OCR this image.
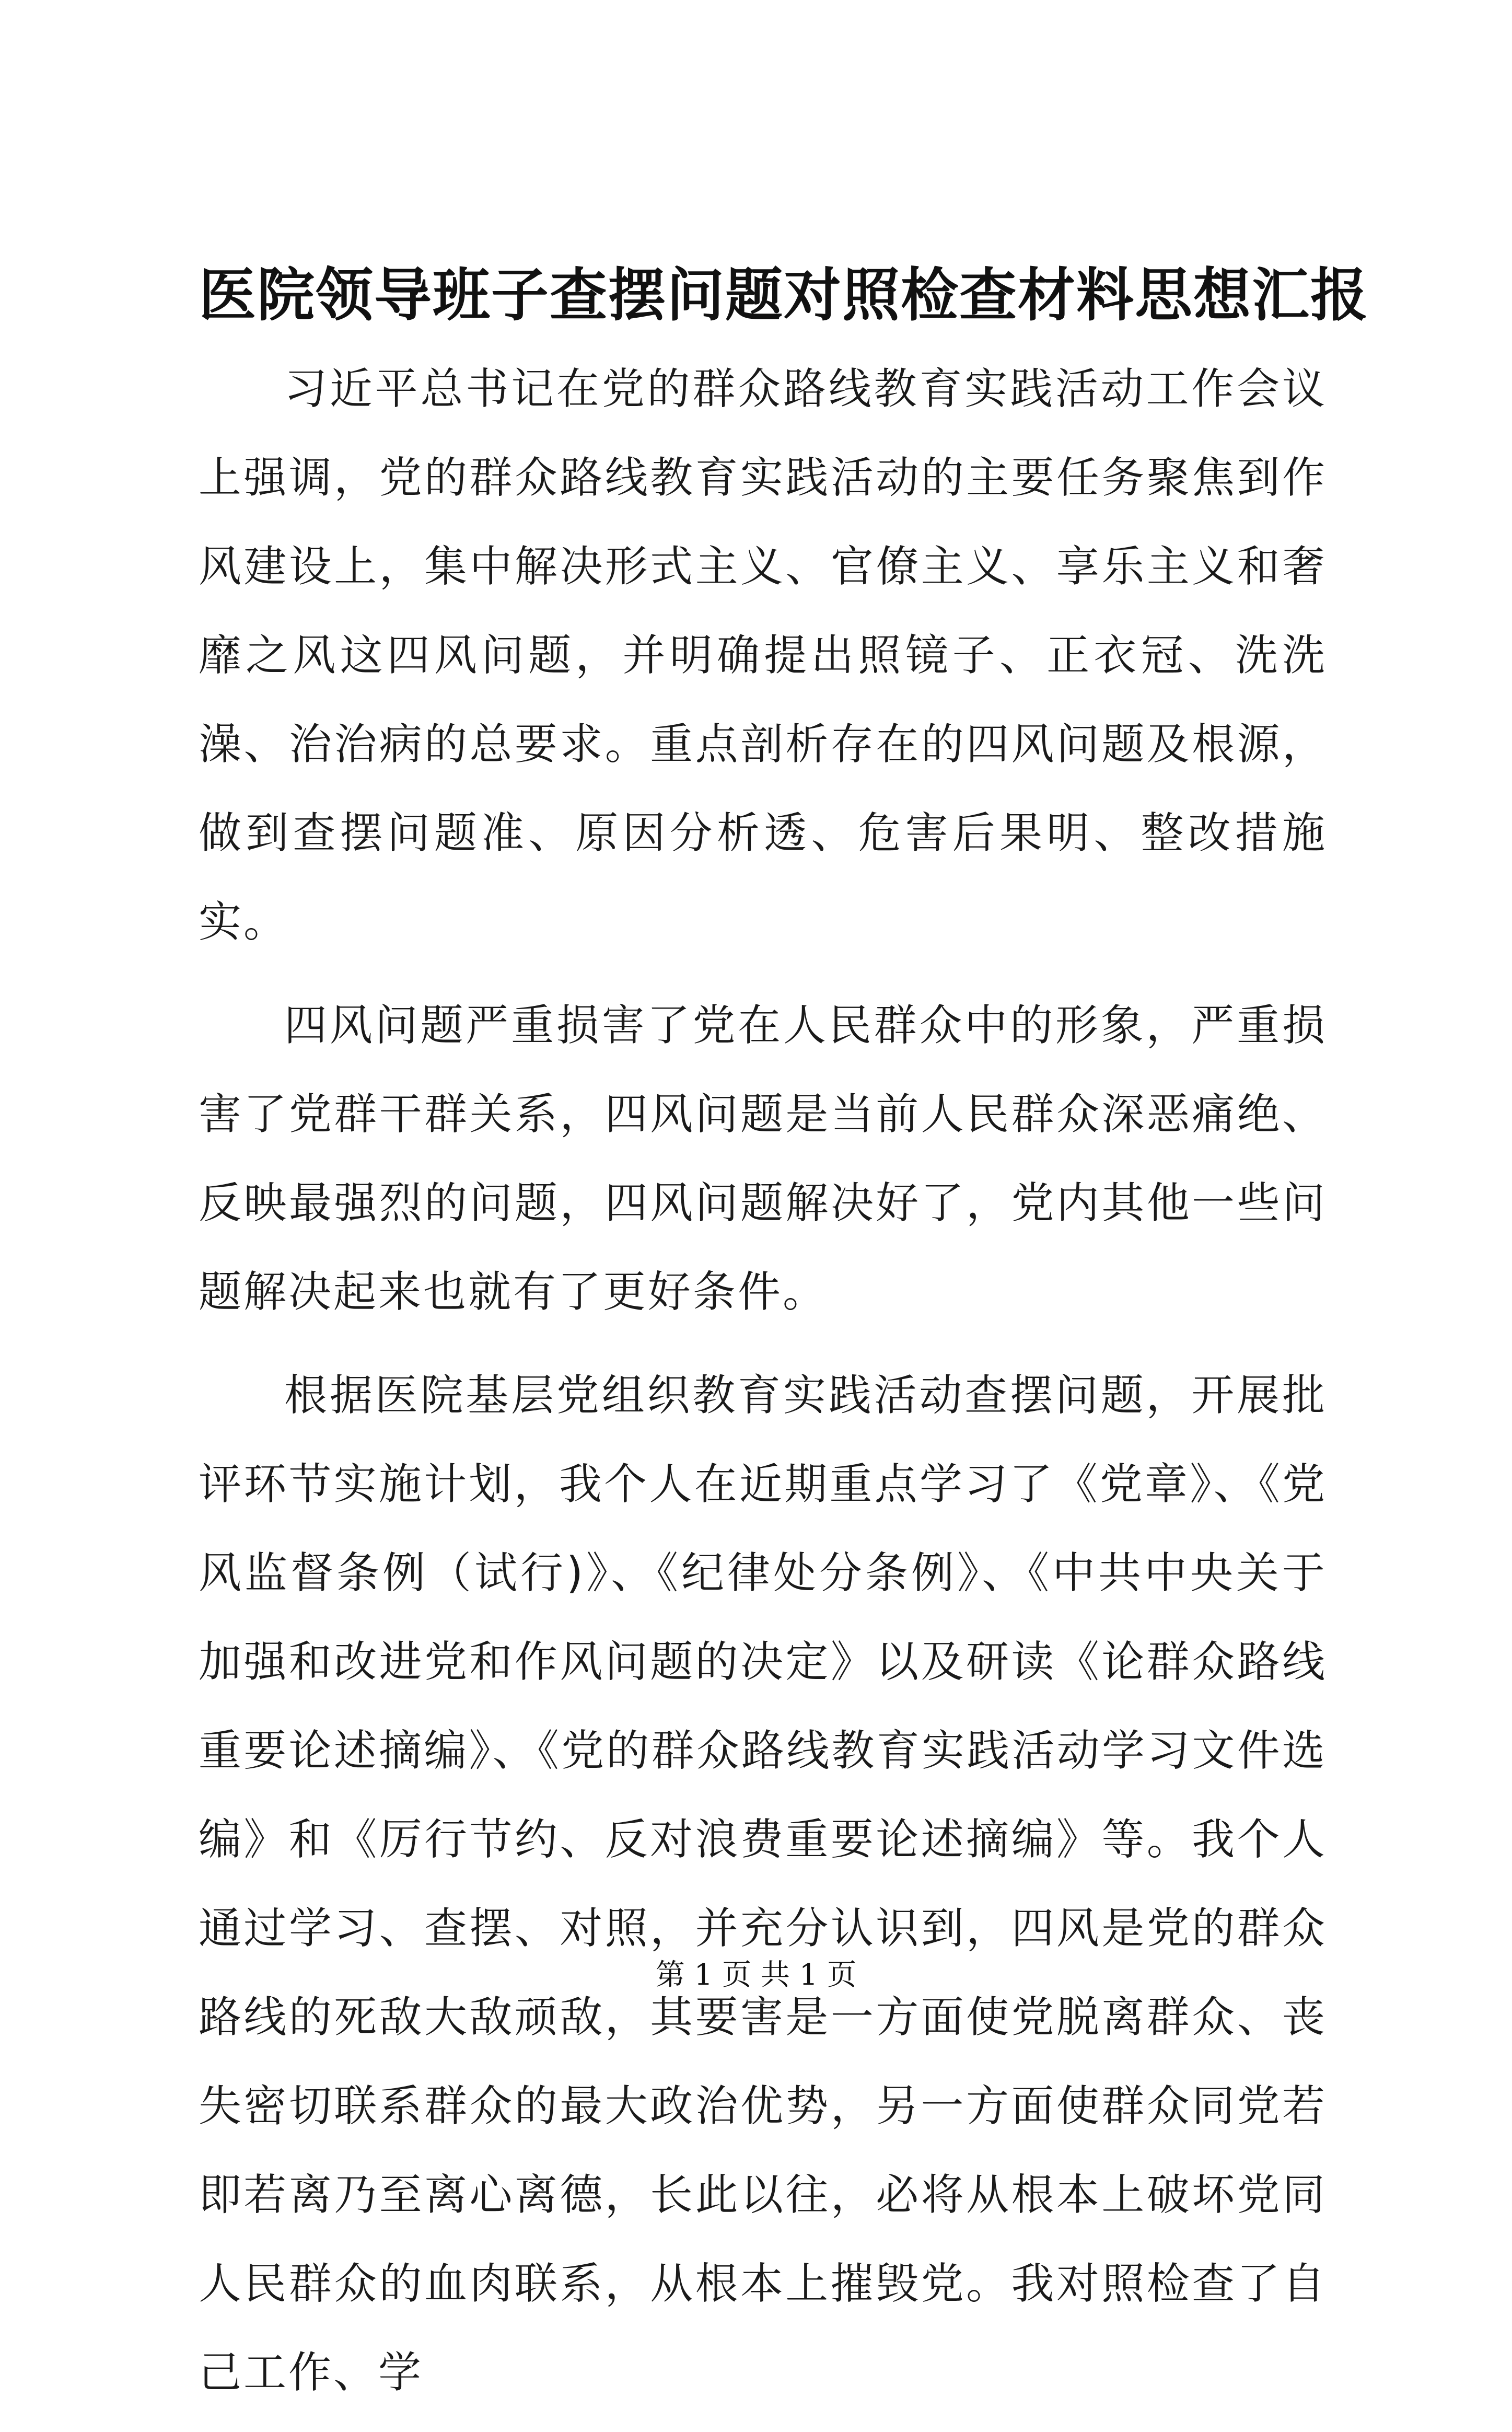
医院领导班子查摆问题对照检查材料思想汇报

习近平总书记在党的群众路线教育实践活动工作会议上强调，党的群众路线教育实践活动的主要任务聚焦到作风建设上，集中解决形式主义、官僚主义、享乐主义和奢靡之风这四风问题，并明确提出照镜子、正衣冠、洗洗澡、治治病的总要求。重点剖析存在的四风问题及根源，做到查摆问题准、原因分析透、危害后果明、整改措施实。

四风问题严重损害了党在人民群众中的形象，严重损害了党群干群关系，四风问题是当前人民群众深恶痛绝、反映最强烈的问题，四风问题解决好了，党内其他一些问题解决起来也就有了更好条件。

根据医院基层党组织教育实践活动查摆问题，开展批评环节实施计划，我个人在近期重点学习了《党章》、《党风监督条例（试行)》、《纪律处分条例》、《中共中央关于加强和改进党和作风问题的决定》以及研读《论群众路线重要论述摘编》、《党的群众路线教育实践活动学习文件选编》和《厉行节约、反对浪费重要论述摘编》等。我个人通过学习、查摆、对照，并充分认识到，四风是党的群众路线的死敌大敌顽敌，其要害是一方面使党脱离群众、丧失密切联系群众的最大政治优势，另一方面使群众同党若即若离乃至离心离德，长此以往，必将从根本上破坏党同人民群众的血肉联系，从根本上摧毁党。我对照检查了自己工作、学

第 1 页 共 1 页
